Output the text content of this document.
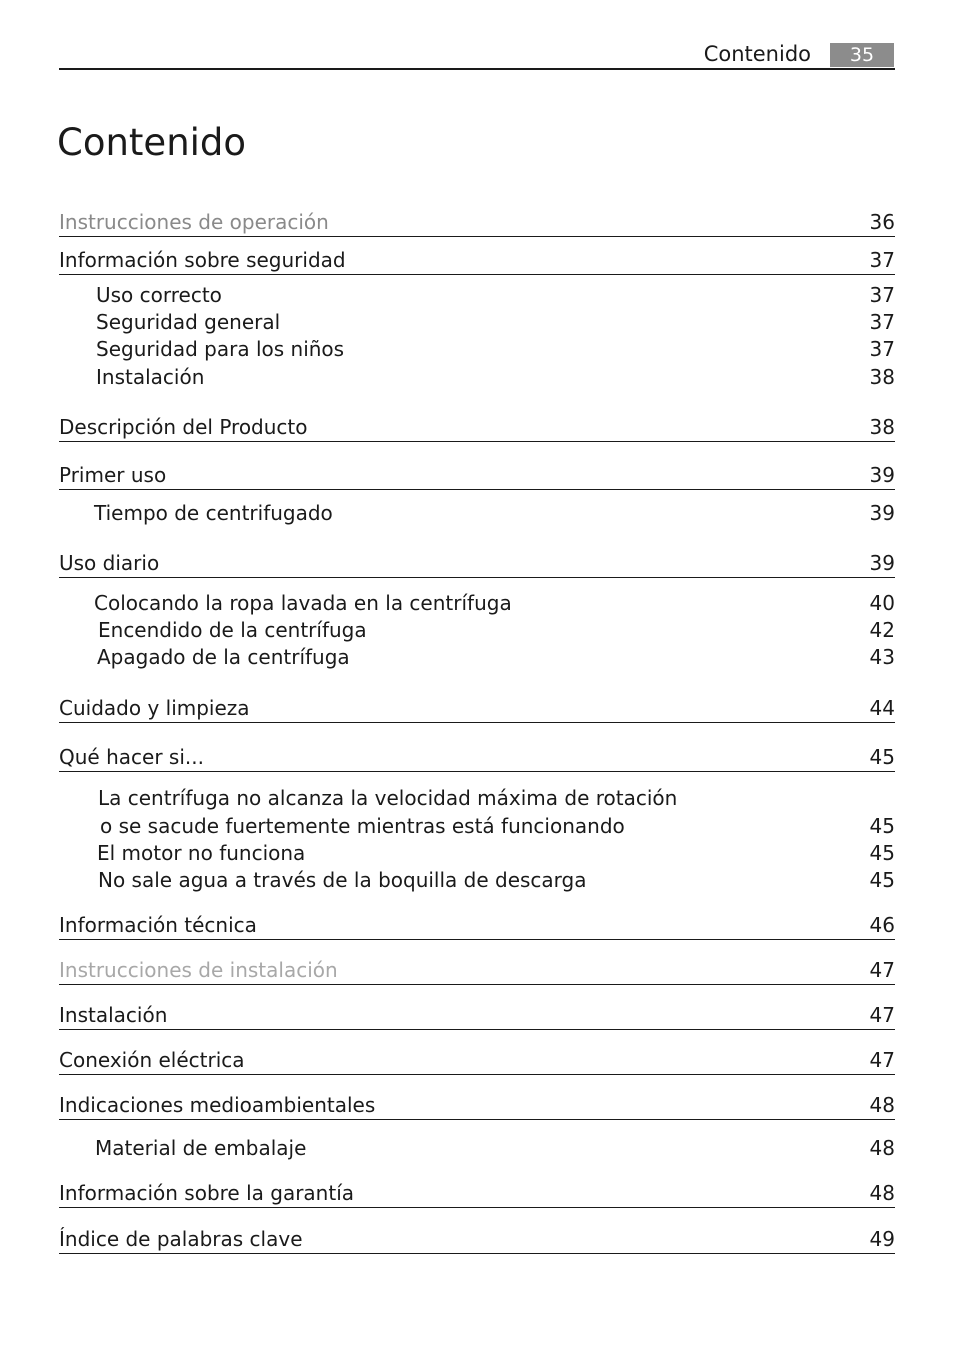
Contenido	35
Contenido
Instrucciones de operación	36
Información sobre seguridad	37
Uso correcto	37
Seguridad general	37
Seguridad para los niños	37
Instalación	38
Descripción del Producto	38
Primer uso	39
Tiempo de centrifugado	39
Uso diario	39
Colocando la ropa lavada en la centrífuga	40
Encendido de la centrífuga	42
Apagado de la centrífuga	43
Cuidado y limpieza	44
Qué hacer si...	45
La centrífuga no alcanza la velocidad máxima de rotación
o se sacude fuertemente mientras está funcionando	45
El motor no funciona	45
No sale agua a través de la boquilla de descarga	45
Información técnica	46
Instrucciones de instalación	47
Instalación	47
Conexión eléctrica	47
Indicaciones medioambientales	48
Material de embalaje	48
Información sobre la garantía	48
Índice de palabras clave	49
